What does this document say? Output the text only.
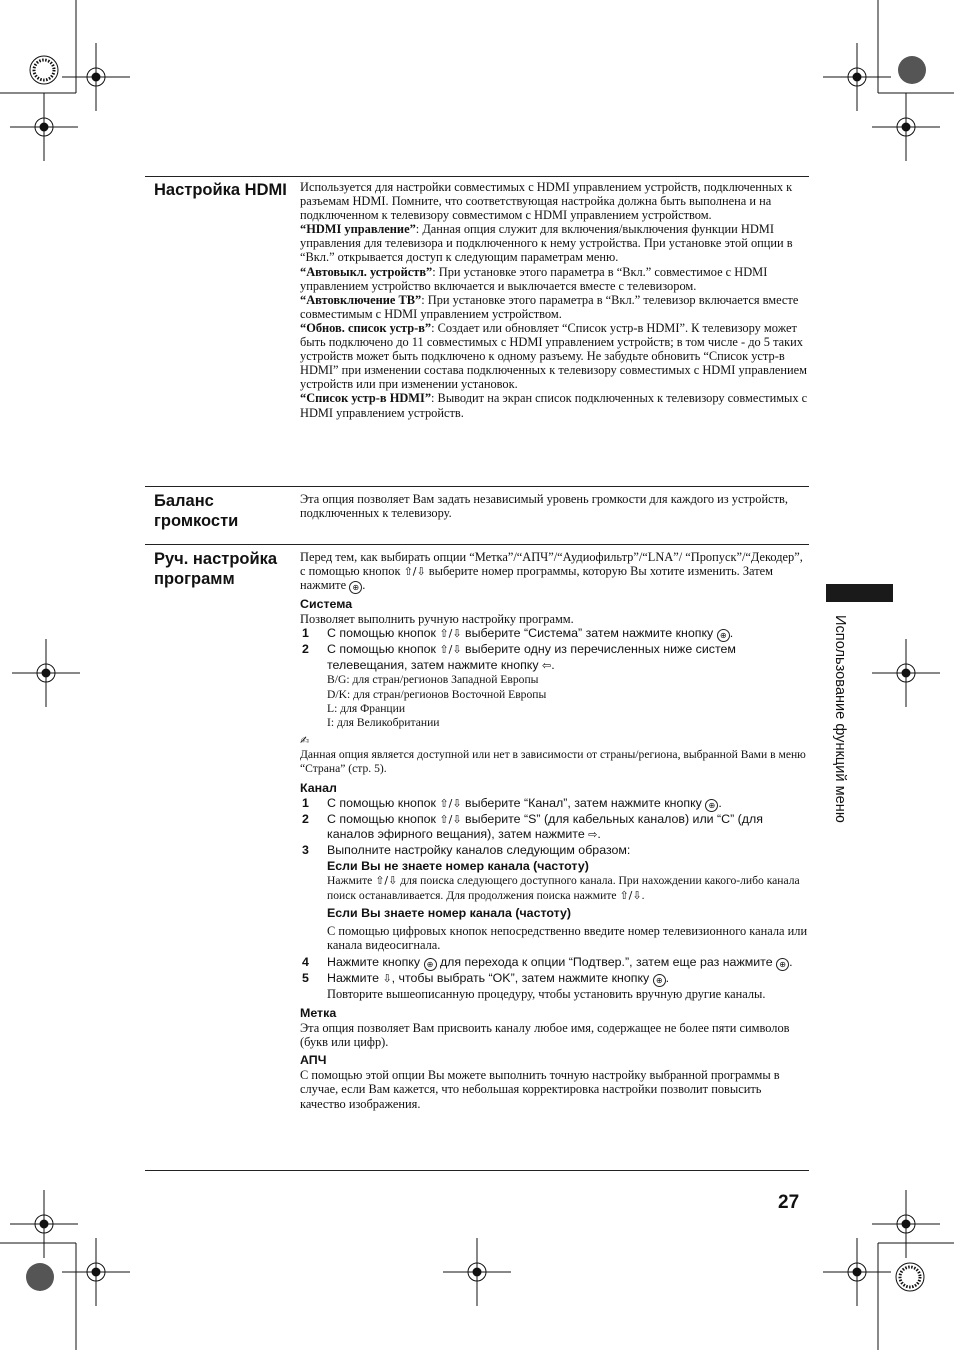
Настройка HDMI	Используется для настройки совместимых с HDMI управлением устройств, подключенных к разъемам HDMI. Помните, что соответствующая настройка должна быть выполнена и на подключенном к телевизору совместимом с HDMI управлением устройством.

“HDMI управление”: Данная опция служит для включения/выключения функции HDMI управления для телевизора и подключенного к нему устройства. При установке этой опции в “Вкл.” открывается доступ к следующим параметрам меню.

“Автовыкл. устройств”: При установке этого параметра в “Вкл.” совместимое с HDMI управлением устройство включается и выключается вместе с телевизором.

“Автовключение ТВ”: При установке этого параметра в “Вкл.” телевизор включается вместе совместимым с HDMI управлением устройством.

“Обнов. список устр-в”: Создает или обновляет “Список устр-в HDMI”. К телевизору может быть подключено до 11 совместимых с HDMI управлением устройств; в том числе - до 5 таких устройств может быть подключено к одному разъему. Не забудьте обновить “Список устр-в HDMI” при изменении состава подключенных к телевизору совместимых с HDMI управлением устройств или при изменении установок.

“Список устр-в HDMI”: Выводит на экран список подключенных к телевизору совместимых с HDMI управлением устройств.

Баланс громкости

Эта опция позволяет Вам задать независимый уровень громкости для каждого из устройств, подключенных к телевизору.

Руч. настройка программ

Перед тем, как выбирать опции “Метка”/“АПЧ”/“Аудиофильтр”/“LNA”/ “Пропуск”/“Декодер”, с помощью кнопок ⇧/⇩ выберите номер программы, которую Вы хотите изменить. Затем нажмите ⊕ .

Система

Позволяет выполнить ручную настройку программ.

1 С помощью кнопок ⇧/⇩ выберите “Система” затем нажмите кнопку ⊕ .
2 С помощью кнопок ⇧/⇩ выберите одну из перечисленных ниже систем телевещания, затем нажмите кнопку ⇦.
B/G: для стран/регионов Западной Европы
D/K: для стран/регионов Восточной Европы
L: для Франции
I: для Великобритании
✍

Данная опция является доступной или нет в зависимости от страны/региона, выбранной Вами в меню “Страна” (стр. 5).

Канал
1 С помощью кнопок ⇧/⇩ выберите “Канал”, затем нажмите кнопку ⊕ .
2 С помощью кнопок ⇧/⇩ выберите “S” (для кабельных каналов) или “C” (для каналов эфирного вещания), затем нажмите ⇨.
3 Выполните настройку каналов следующим образом:
Если Вы не знаете номер канала (частоту)

Нажмите ⇧/⇩ для поиска следующего доступного канала. При нахождении какого-либо канала поиск останавливается. Для продолжения поиска нажмите ⇧/⇩.

Если Вы знаете номер канала (частоту)

С помощью цифровых кнопок непосредственно введите номер телевизионного канала или канала видеосигнала.

4 Нажмите кнопку ⊕ для перехода к опции “Подтвер.”, затем еще раз нажмите ⊕ .
5 Нажмите ⇩, чтобы выбрать “OK”, затем нажмите кнопку ⊕ .

Повторите вышеописанную процедуру, чтобы установить вручную другие каналы.

Метка

Эта опция позволяет Вам присвоить каналу любое имя, содержащее не более пяти символов (букв или цифр).

АПЧ

С помощью этой опции Вы можете выполнить точную настройку выбранной программы в случае, если Вам кажется, что небольшая корректировка настройки позволит повысить качество изображения.

Использование функций меню
27
